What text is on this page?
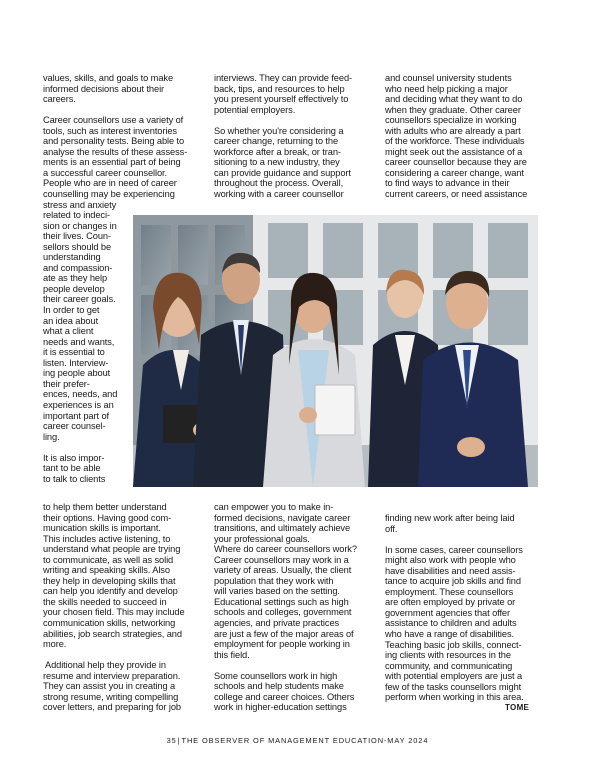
values, skills, and goals to make

informed decisions about their

careers.

Career counsellors use a variety of

tools, such as interest inventories

and personality tests. Being able to

analyse the results of these assess-

ments is an essential part of being

a successful career counsellor.

People who are in need of career

counselling may be experiencing

stress and anxiety

related to indeci-

sion or changes in

their lives. Coun-

sellors should be

understanding

and compassion-

ate as they help

people develop

their career goals.

In order to get

an idea about

what a client

needs and wants,

it is essential to

listen. Interview-

ing people about

their prefer-

ences, needs, and

experiences is an

important part of

career counsel-

ling.

It is also impor-

tant to be able

to talk to clients

to help them better understand

their options. Having good com-

munication skills is important.

This includes active listening, to

understand what people are trying

to communicate, as well as solid

writing and speaking skills. Also

they help in developing skills that

can help you identify and develop

the skills needed to succeed in

your chosen field. This may include

communication skills, networking

abilities, job search strategies, and

more.

Additional help they provide in

resume and interview preparation.

They can assist you in creating a

strong resume, writing compelling

cover letters, and preparing for job

interviews. They can provide feed-

back, tips, and resources to help

you present yourself effectively to

potential employers.

So whether you're considering a

career change, returning to the

workforce after a break, or tran-

sitioning to a new industry, they

can provide guidance and support

throughout the process. Overall,

working with a career counsellor

can empower you to make in-

formed decisions, navigate career

transitions, and ultimately achieve

your professional goals.

Where do career counsellors work?

Career counsellors may work in a

variety of areas. Usually, the client

population that they work with

will varies based on the setting.

Educational settings such as high

schools and colleges, government

agencies, and private practices

are just a few of the major areas of

employment for people working in

this field.

Some counsellors work in high

schools and help students make

college and career choices. Others

work in higher-education settings

and counsel university students

who need help picking a major

and deciding what they want to do

when they graduate. Other career

counsellors specialize in working

with adults who are already a part

of the workforce. These individuals

might seek out the assistance of a

career counsellor because they are

considering a career change, want

to find ways to advance in their

current careers, or need assistance

finding new work after being laid

off.

In some cases, career counsellors

might also work with people who

have disabilities and need assis-

tance to acquire job skills and find

employment. These counsellors

are often employed by private or

government agencies that offer

assistance to children and adults

who have a range of disabilities.

Teaching basic job skills, connect-

ing clients with resources in the

community, and communicating

with potential employers are just a

few of the tasks counsellors might

perform when working in this area.

TOME
35|THE OBSERVER OF MANAGEMENT EDUCATION-MAY 2024
